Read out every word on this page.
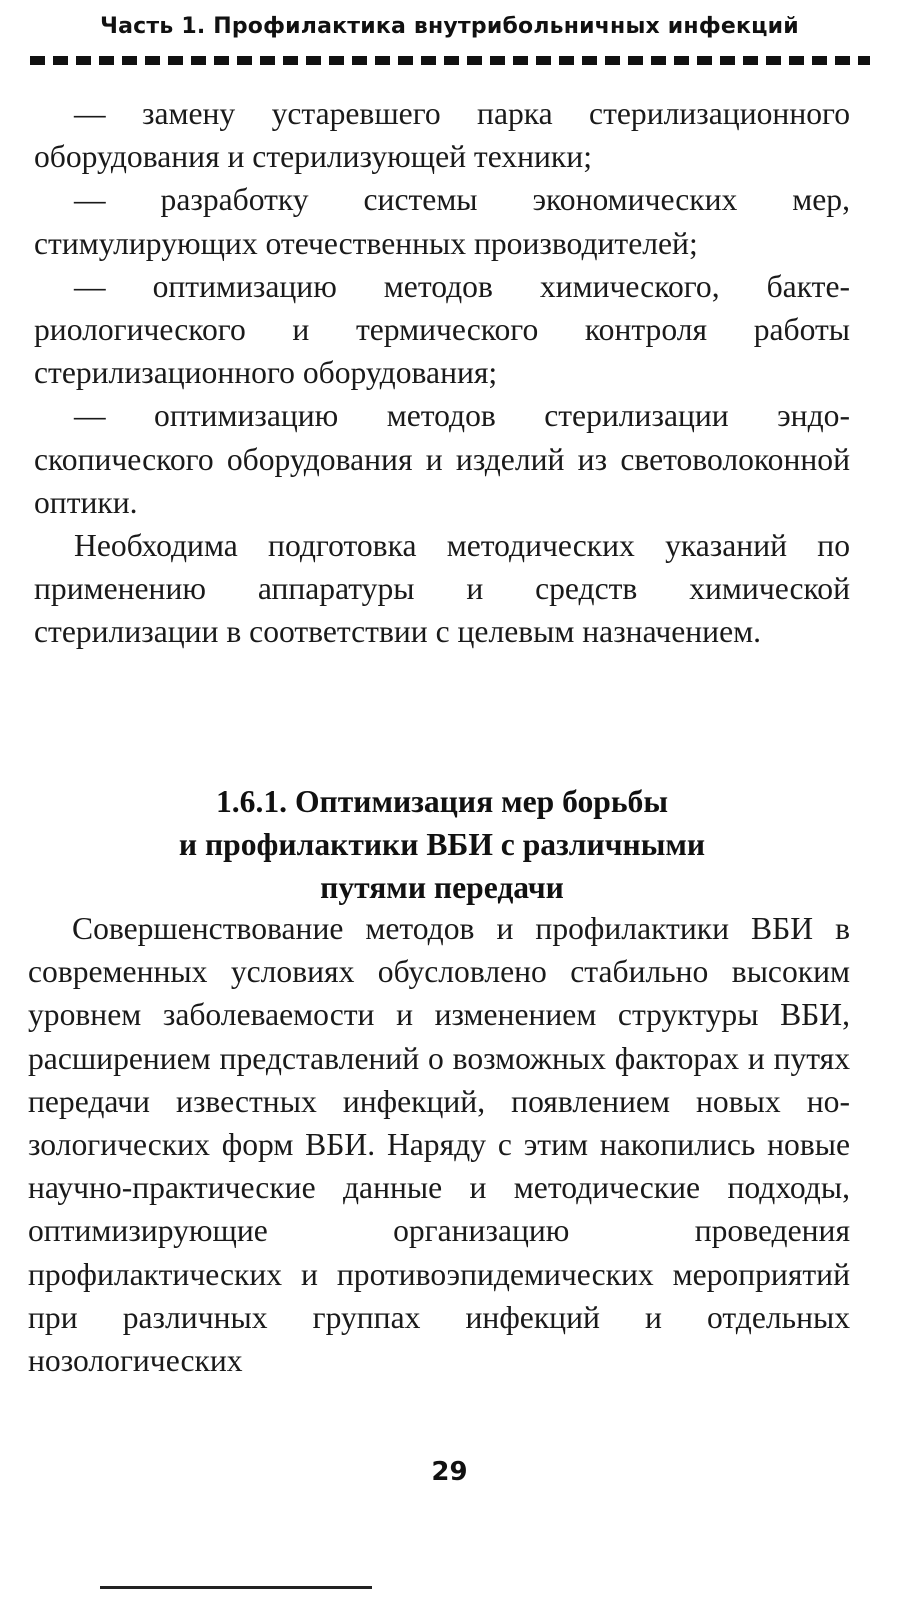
Часть 1. Профилактика внутрибольничных инфекций

— замену устаревшего парка стерилизационного оборудования и стерилизующей техники;

— разработку системы экономических мер, стимулирующих отечественных производителей;

— оптимизацию методов химического, бактериологического и термического контроля работы стерилизационного оборудования;

— оптимизацию методов стерилизации эндоскопического оборудования и изделий из световолоконной оптики.

Необходима подготовка методических указаний по применению аппаратуры и средств химической стерилизации в соответствии с целевым назначением.

1.6.1. Оптимизация мер борьбы
и профилактики ВБИ с различными
путями передачи

Совершенствование методов и профилактики ВБИ в современных условиях обусловлено стабильно высоким уровнем заболеваемости и изменением структуры ВБИ, расширением представлений о возможных факторах и путях передачи известных инфекций, появлением новых нозологических форм ВБИ. Наряду с этим накопились новые научно-практические данные и методические подходы, оптимизирующие организацию проведения профилактических и противоэпидемических мероприятий при различных группах инфекций и отдельных нозологических

29
